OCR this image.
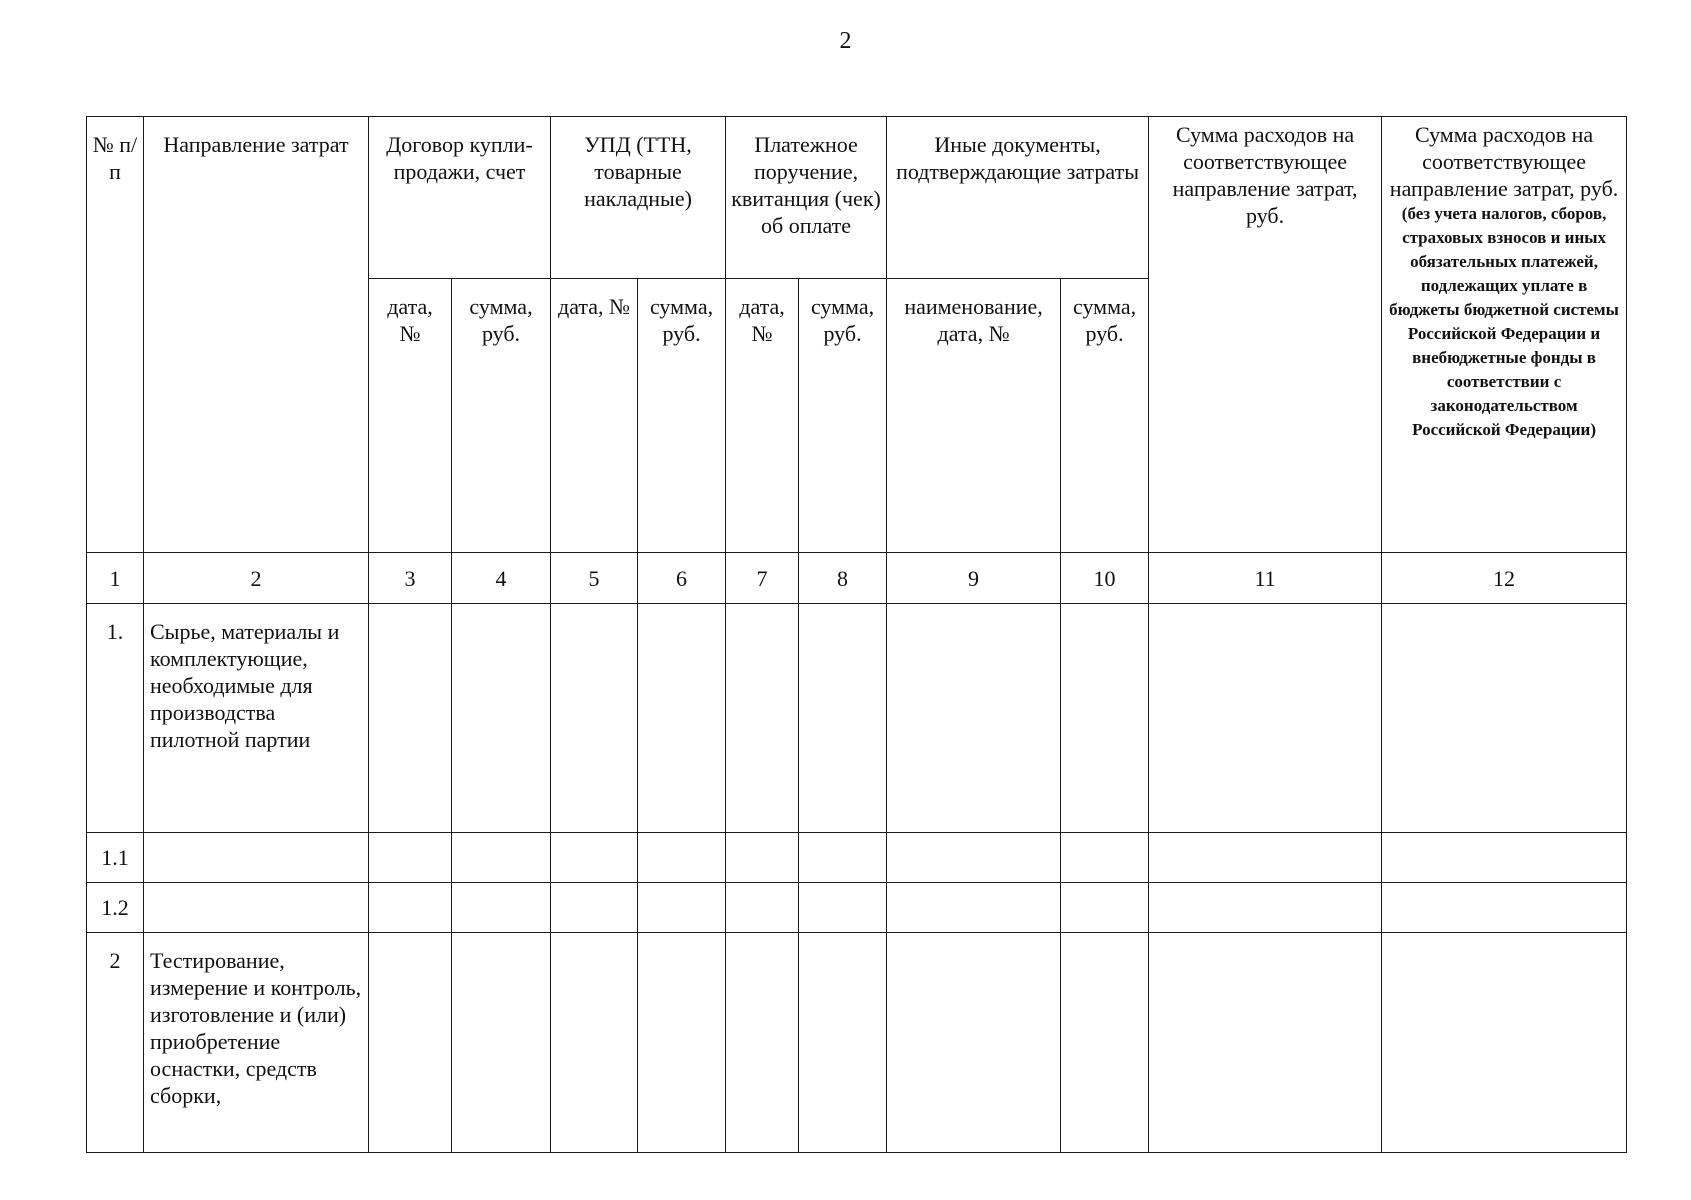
2
№ п/п	Направление затрат	Договор купли-продажи, счет		УПД (ТТН, товарные накладные)		Платежное поручение, квитанция (чек) об оплате		Иные документы, подтверждающие затраты		Сумма расходов на соответствующее направление затрат, руб.	Сумма расходов на соответствующее направление затрат, руб.
(без учета налогов, сборов, страховых взносов и иных обязательных платежей, подлежащих уплате в бюджеты бюджетной системы Российской Федерации и внебюджетные фонды в соответствии с законодательством Российской Федерации)

		дата, №	сумма, руб.	дата, №	сумма, руб.	дата, №	сумма, руб.	наименование, дата, №	сумма, руб.		
1	2	3	4	5	6	7	8	9	10	11	12
1.	Сырье, материалы и комплектующие, необходимые для производства пилотной партии										
1.1											
1.2											
2	Тестирование, измерение и контроль, изготовление и (или) приобретение оснастки, средств сборки,										
